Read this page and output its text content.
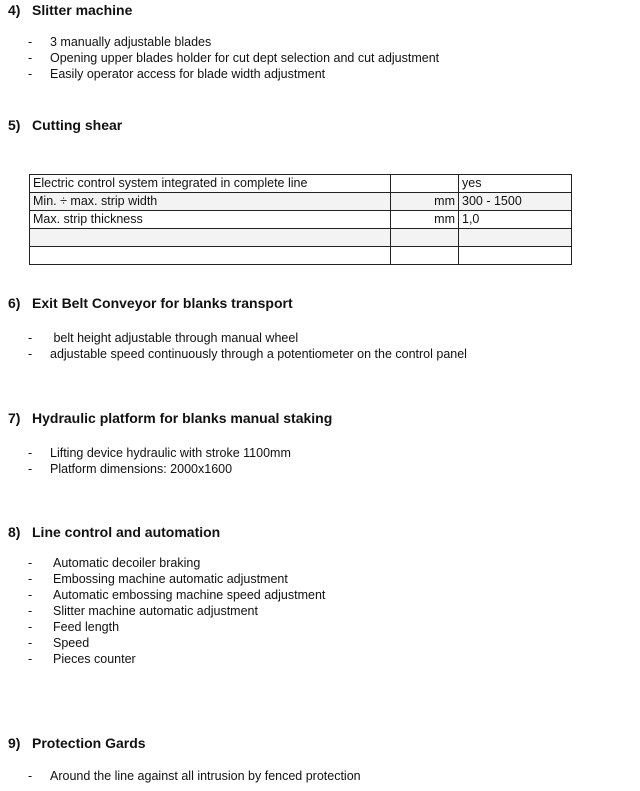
4) Slitter machine
-	3 manually adjustable blades
-	Opening upper blades holder for cut dept selection and cut adjustment
-	Easily operator access for blade width adjustment
5) Cutting shear
Electric control system integrated in complete line		yes
Min. ÷ max. strip width	mm	300 - 1500
Max. strip thickness	mm	1,0

6) Exit Belt Conveyor for blanks transport
-	belt height adjustable through manual wheel
-	adjustable speed continuously through a potentiometer on the control panel
7) Hydraulic platform for blanks manual staking
-	Lifting device hydraulic with stroke 1100mm
-	Platform dimensions: 2000x1600
8) Line control and automation
-	Automatic decoiler braking
-	Embossing machine automatic adjustment
-	Automatic embossing machine speed adjustment
-	Slitter machine automatic adjustment
-	Feed length
-	Speed
-	Pieces counter
9) Protection Gards
-	Around the line against all intrusion by fenced protection
